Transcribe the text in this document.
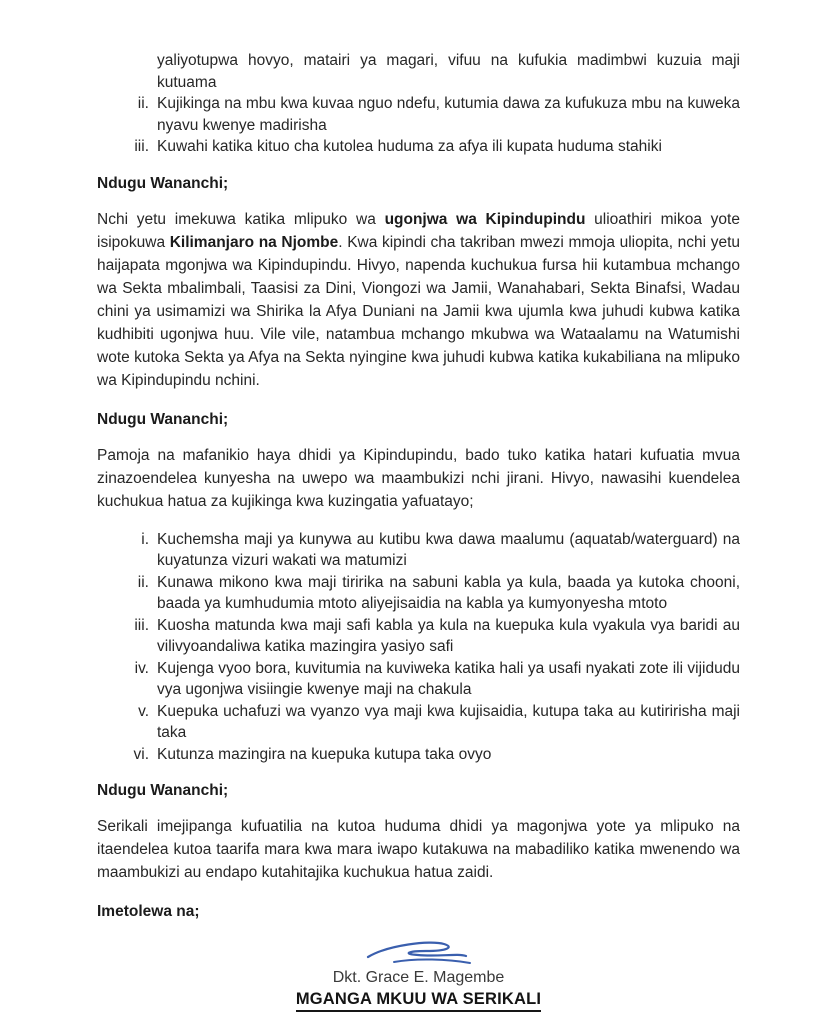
yaliyotupwa hovyo, matairi ya magari, vifuu na kufukia madimbwi kuzuia maji kutuama
ii. Kujikinga na mbu kwa kuvaa nguo ndefu, kutumia dawa za kufukuza mbu na kuweka nyavu kwenye madirisha
iii. Kuwahi katika kituo cha kutolea huduma za afya ili kupata huduma stahiki

Ndugu Wananchi;

Nchi yetu imekuwa katika mlipuko wa ugonjwa wa Kipindupindu ulioathiri mikoa yote isipokuwa Kilimanjaro na Njombe. Kwa kipindi cha takriban mwezi mmoja uliopita, nchi yetu haijapata mgonjwa wa Kipindupindu. Hivyo, napenda kuchukua fursa hii kutambua mchango wa Sekta mbalimbali, Taasisi za Dini, Viongozi wa Jamii, Wanahabari, Sekta Binafsi, Wadau chini ya usimamizi wa Shirika la Afya Duniani na Jamii kwa ujumla kwa juhudi kubwa katika kudhibiti ugonjwa huu. Vile vile, natambua mchango mkubwa wa Wataalamu na Watumishi wote kutoka Sekta ya Afya na Sekta nyingine kwa juhudi kubwa katika kukabiliana na mlipuko wa Kipindupindu nchini.

Ndugu Wananchi;

Pamoja na mafanikio haya dhidi ya Kipindupindu, bado tuko katika hatari kufuatia mvua zinazoendelea kunyesha na uwepo wa maambukizi nchi jirani. Hivyo, nawasihi kuendelea kuchukua hatua za kujikinga kwa kuzingatia yafuatayo;

i. Kuchemsha maji ya kunywa au kutibu kwa dawa maalumu (aquatab/waterguard) na kuyatunza vizuri wakati wa matumizi
ii. Kunawa mikono kwa maji tiririka na sabuni kabla ya kula, baada ya kutoka chooni, baada ya kumhudumia mtoto aliyejisaidia na kabla ya kumyonyesha mtoto
iii. Kuosha matunda kwa maji safi kabla ya kula na kuepuka kula vyakula vya baridi au vilivyoandaliwa katika mazingira yasiyo safi
iv. Kujenga vyoo bora, kuvitumia na kuviweka katika hali ya usafi nyakati zote ili vijidudu vya ugonjwa visiingie kwenye maji na chakula
v. Kuepuka uchafuzi wa vyanzo vya maji kwa kujisaidia, kutupa taka au kutiririsha maji taka
vi. Kutunza mazingira na kuepuka kutupa taka ovyo

Ndugu Wananchi;

Serikali imejipanga kufuatilia na kutoa huduma dhidi ya magonjwa yote ya mlipuko na itaendelea kutoa taarifa mara kwa mara iwapo kutakuwa na mabadiliko katika mwenendo wa maambukizi au endapo kutahitajika kuchukua hatua zaidi.

Imetolewa na;

Dkt. Grace E. Magembe
MGANGA MKUU WA SERIKALI
